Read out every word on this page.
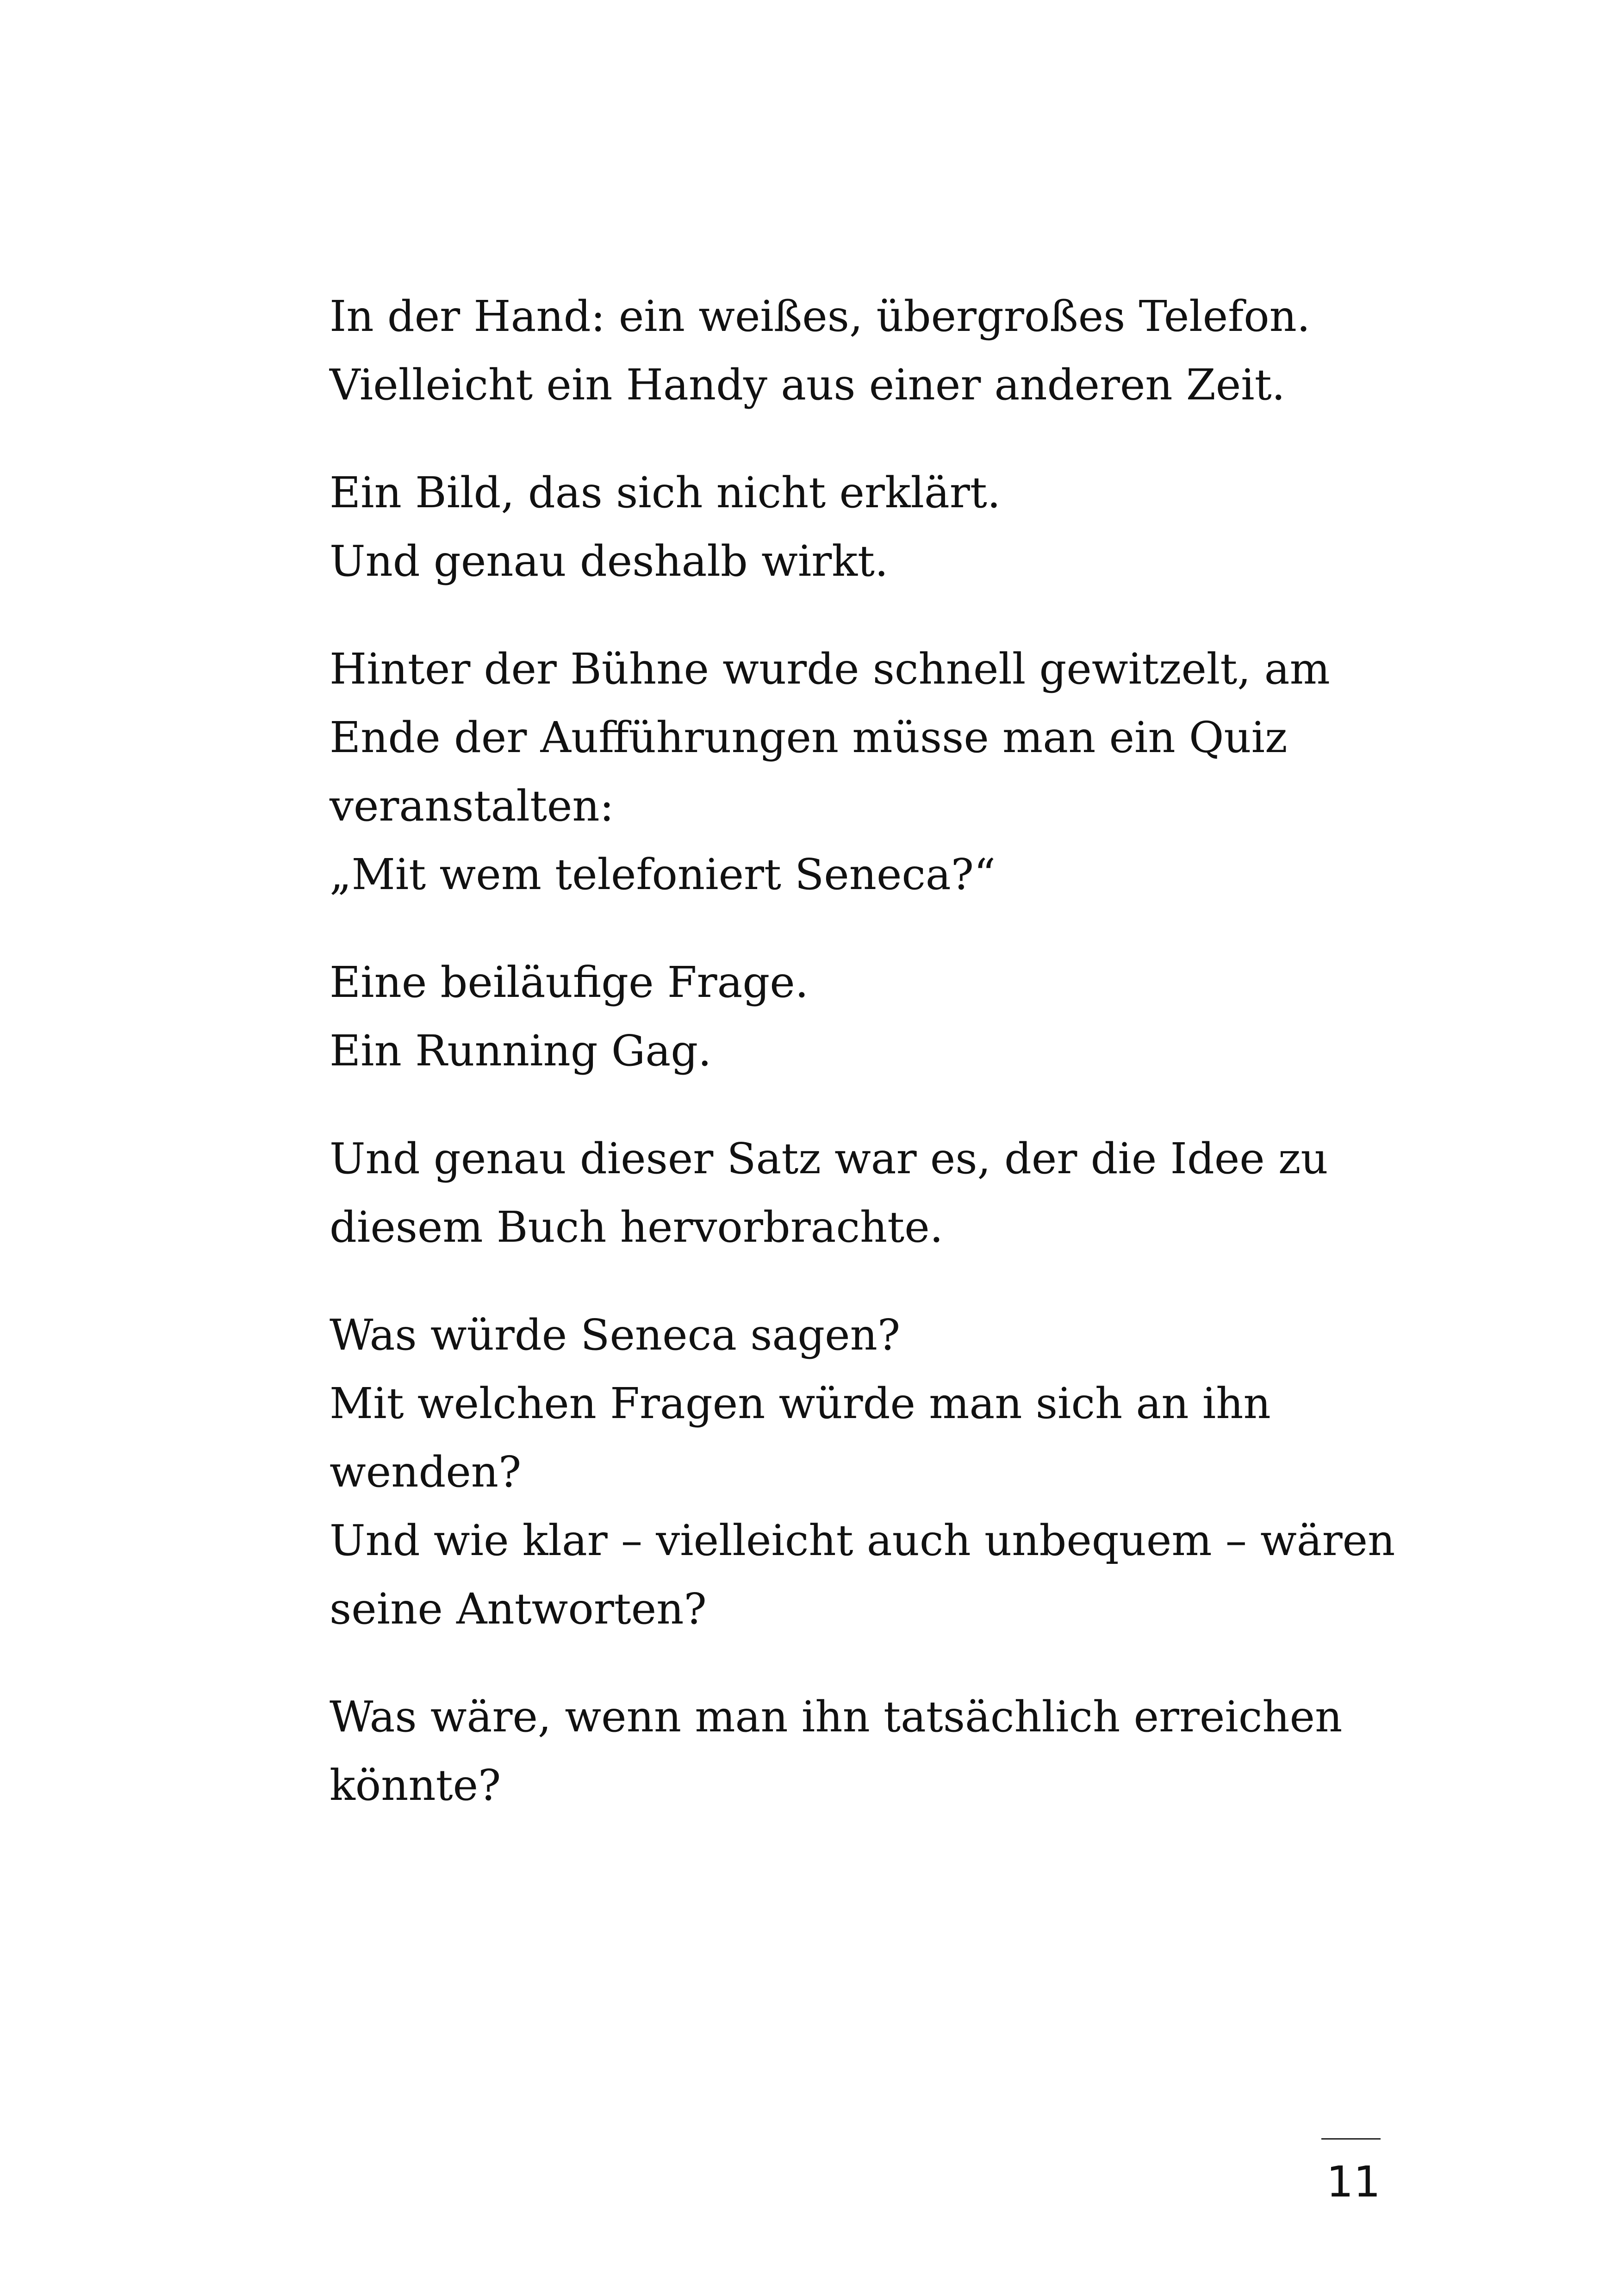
In der Hand: ein weißes, übergroßes Telefon.
Vielleicht ein Handy aus einer anderen Zeit.

Ein Bild, das sich nicht erklärt.
Und genau deshalb wirkt.

Hinter der Bühne wurde schnell gewitzelt, am
Ende der Aufführungen müsse man ein Quiz
veranstalten:
„Mit wem telefoniert Seneca?“

Eine beiläufige Frage.
Ein Running Gag.

Und genau dieser Satz war es, der die Idee zu
diesem Buch hervorbrachte.

Was würde Seneca sagen?
Mit welchen Fragen würde man sich an ihn
wenden?
Und wie klar – vielleicht auch unbequem – wären
seine Antworten?

Was wäre, wenn man ihn tatsächlich erreichen
könnte?

11
